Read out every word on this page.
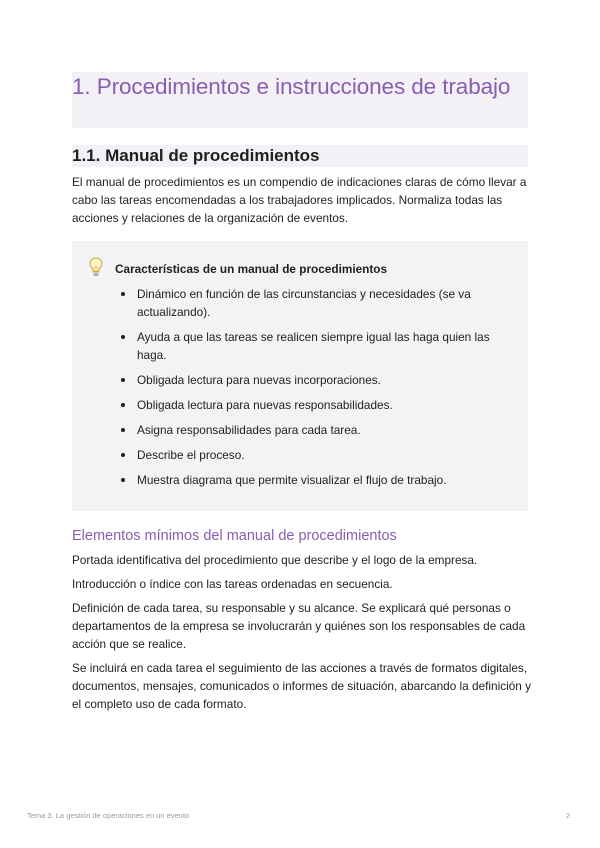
1. Procedimientos e instrucciones de trabajo
1.1. Manual de procedimientos

El manual de procedimientos es un compendio de indicaciones claras de cómo llevar a cabo las tareas encomendadas a los trabajadores implicados. Normaliza todas las acciones y relaciones de la organización de eventos.

Características de un manual de procedimientos

Dinámico en función de las circunstancias y necesidades (se va actualizando).
Ayuda a que las tareas se realicen siempre igual las haga quien las haga.
Obligada lectura para nuevas incorporaciones.
Obligada lectura para nuevas responsabilidades.
Asigna responsabilidades para cada tarea.
Describe el proceso.
Muestra diagrama que permite visualizar el flujo de trabajo.
Elementos mínimos del manual de procedimientos

Portada identificativa del procedimiento que describe y el logo de la empresa.

Introducción o índice con las tareas ordenadas en secuencia.

Definición de cada tarea, su responsable y su alcance. Se explicará qué personas o departamentos de la empresa se involucrarán y quiénes son los responsables de cada acción que se realice.

Se incluirá en cada tarea el seguimiento de las acciones a través de formatos digitales, documentos, mensajes, comunicados o informes de situación, abarcando la definición y el completo uso de cada formato.

Tema 3. La gestión de operaciones en un evento	2
